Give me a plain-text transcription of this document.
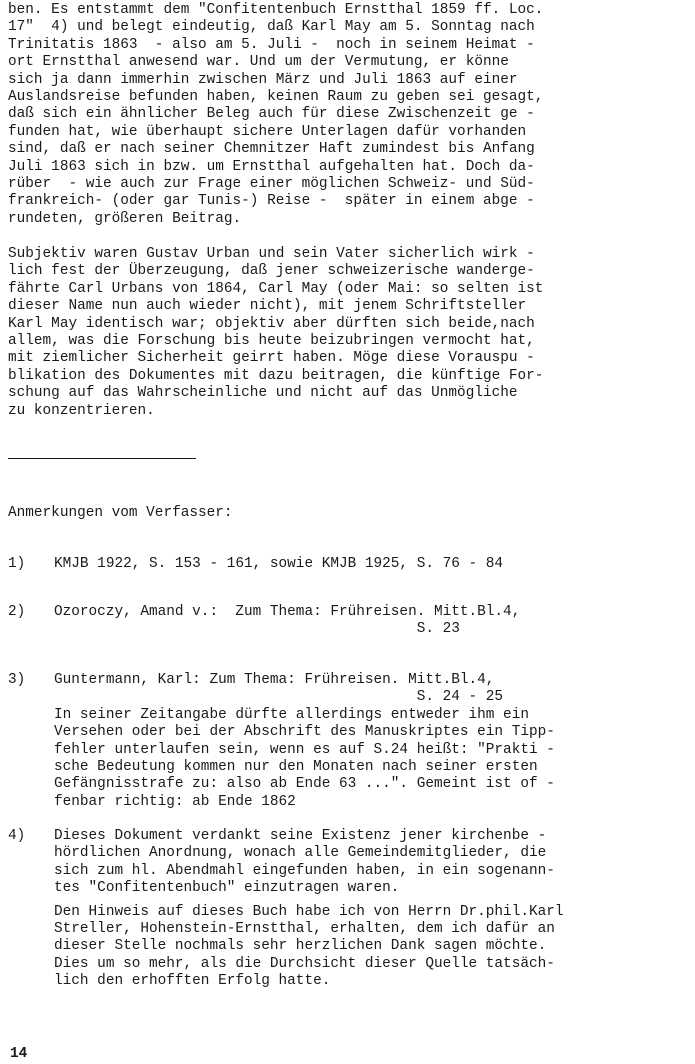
ben. Es entstammt dem "Confitentenbuch Ernstthal 1859 ff. Loc.
17"  4) und belegt eindeutig, daß Karl May am 5. Sonntag nach
Trinitatis 1863  - also am 5. Juli -  noch in seinem Heimat -
ort Ernstthal anwesend war. Und um der Vermutung, er könne
sich ja dann immerhin zwischen März und Juli 1863 auf einer
Auslandsreise befunden haben, keinen Raum zu geben sei gesagt,
daß sich ein ähnlicher Beleg auch für diese Zwischenzeit ge -
funden hat, wie überhaupt sichere Unterlagen dafür vorhanden
sind, daß er nach seiner Chemnitzer Haft zumindest bis Anfang
Juli 1863 sich in bzw. um Ernstthal aufgehalten hat. Doch da-
rüber  - wie auch zur Frage einer möglichen Schweiz- und Süd-
frankreich- (oder gar Tunis-) Reise -  später in einem abge -
rundeten, größeren Beitrag.
Subjektiv waren Gustav Urban und sein Vater sicherlich wirk -
lich fest der Überzeugung, daß jener schweizerische wanderge-
fährte Carl Urbans von 1864, Carl May (oder Mai: so selten ist
dieser Name nun auch wieder nicht), mit jenem Schriftsteller
Karl May identisch war; objektiv aber dürften sich beide,nach
allem, was die Forschung bis heute beizubringen vermocht hat,
mit ziemlicher Sicherheit geirrt haben. Möge diese Vorauspu -
blikation des Dokumentes mit dazu beitragen, die künftige For-
schung auf das Wahrscheinliche und nicht auf das Unmögliche
zu konzentrieren.
Anmerkungen vom Verfasser:
1) KMJB 1922, S. 153 - 161, sowie KMJB 1925, S. 76 - 84
2) Ozoroczy, Amand v.:  Zum Thema: Frühreisen. Mitt.Bl.4,
S. 23
3) Guntermann, Karl: Zum Thema: Frühreisen. Mitt.Bl.4,
S. 24 - 25
In seiner Zeitangabe dürfte allerdings entweder ihm ein
Versehen oder bei der Abschrift des Manuskriptes ein Tipp-
fehler unterlaufen sein, wenn es auf S.24 heißt: "Prakti -
sche Bedeutung kommen nur den Monaten nach seiner ersten
Gefängnisstrafe zu: also ab Ende 63 ...". Gemeint ist of -
fenbar richtig: ab Ende 1862
4) Dieses Dokument verdankt seine Existenz jener kirchenbe -
hördlichen Anordnung, wonach alle Gemeindemitglieder, die
sich zum hl. Abendmahl eingefunden haben, in ein sogenann-
tes "Confitentenbuch" einzutragen waren.
Den Hinweis auf dieses Buch habe ich von Herrn Dr.phil.Karl
Streller, Hohenstein-Ernstthal, erhalten, dem ich dafür an
dieser Stelle nochmals sehr herzlichen Dank sagen möchte.
Dies um so mehr, als die Durchsicht dieser Quelle tatsäch-
lich den erhofften Erfolg hatte.
14
